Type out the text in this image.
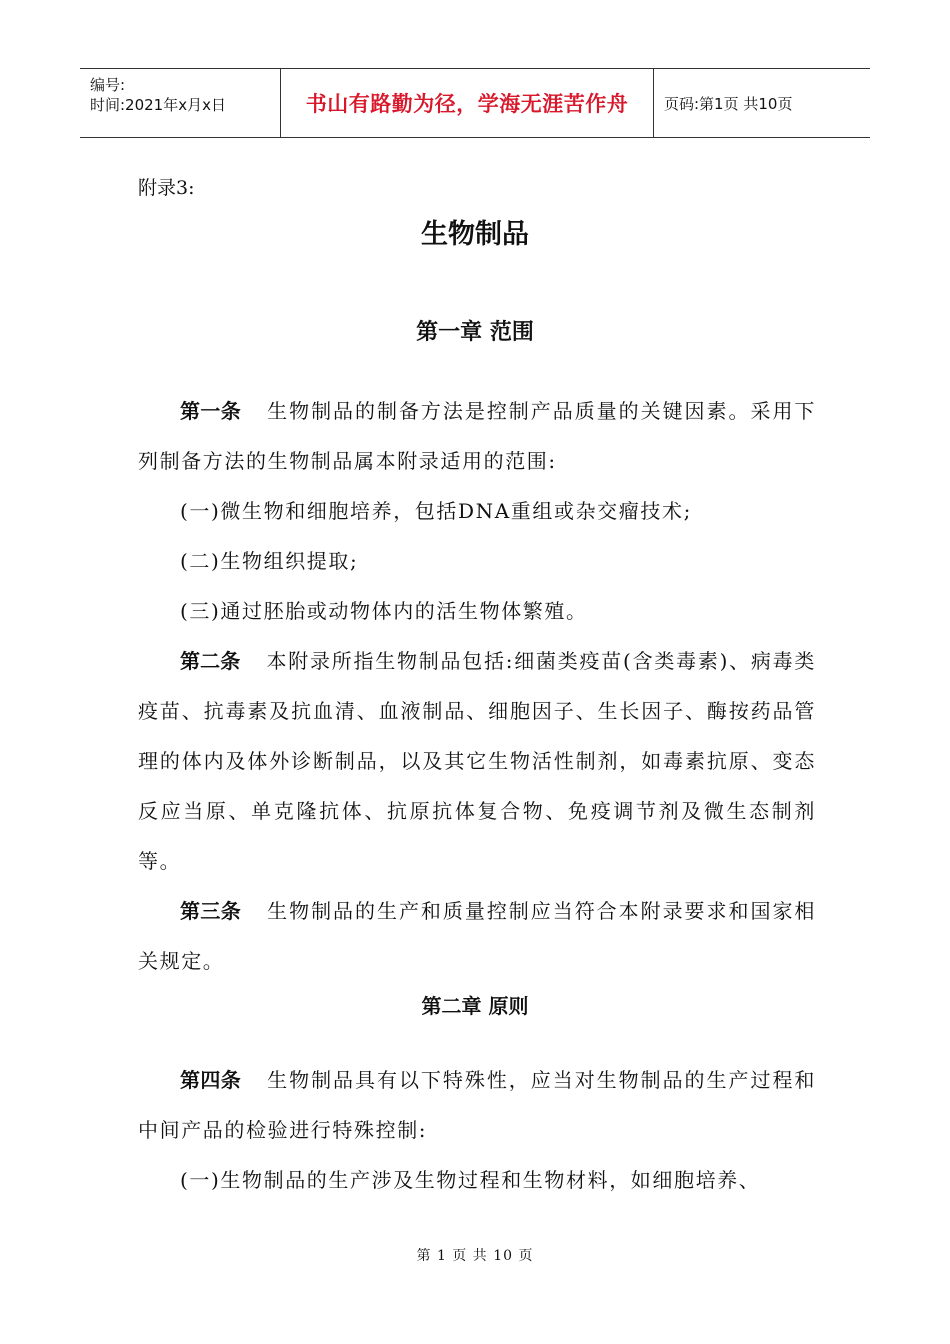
编号:
时间:2021年x月x日	书山有路勤为径，学海无涯苦作舟	页码:第1页 共10页
附录3:
生物制品
第一章 范围
第一条 生物制品的制备方法是控制产品质量的关键因素。采用下列制备方法的生物制品属本附录适用的范围:
(一)微生物和细胞培养，包括DNA重组或杂交瘤技术;
(二)生物组织提取;
(三)通过胚胎或动物体内的活生物体繁殖。
第二条 本附录所指生物制品包括:细菌类疫苗(含类毒素)、病毒类疫苗、抗毒素及抗血清、血液制品、细胞因子、生长因子、酶按药品管理的体内及体外诊断制品，以及其它生物活性制剂，如毒素抗原、变态反应当原、单克隆抗体、抗原抗体复合物、免疫调节剂及微生态制剂等。
第三条 生物制品的生产和质量控制应当符合本附录要求和国家相关规定。
第二章 原则
第四条 生物制品具有以下特殊性，应当对生物制品的生产过程和中间产品的检验进行特殊控制:
(一)生物制品的生产涉及生物过程和生物材料，如细胞培养、
第 1 页 共 10 页
